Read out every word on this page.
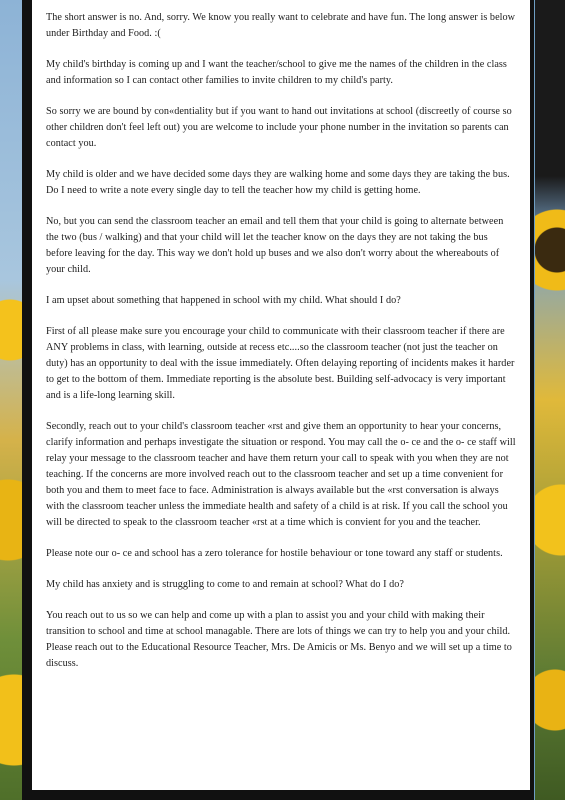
The short answer is no. And, sorry. We know you really want to celebrate and have fun. The long answer is below under Birthday and Food. :(

My child's birthday is coming up and I want the teacher/school to give me the names of the children in the class and information so I can contact other families to invite children to my child's party.

So sorry we are bound by con«dentiality but if you want to hand out invitations at school (discreetly of course so other children don't feel left out) you are welcome to include your phone number in the invitation so parents can contact you.

My child is older and we have decided some days they are walking home and some days they are taking the bus. Do I need to write a note every single day to tell the teacher how my child is getting home.

No, but you can send the classroom teacher an email and tell them that your child is going to alternate between the two (bus / walking) and that your child will let the teacher know on the days they are not taking the bus before leaving for the day. This way we don't hold up buses and we also don't worry about the whereabouts of your child.

I am upset about something that happened in school with my child. What should I do?

First of all please make sure you encourage your child to communicate with their classroom teacher if there are ANY problems in class, with learning, outside at recess etc....so the classroom teacher (not just the teacher on duty) has an opportunity to deal with the issue immediately. Often delaying reporting of incidents makes it harder to get to the bottom of them. Immediate reporting is the absolute best. Building self-advocacy is very important and is a life-long learning skill.

Secondly, reach out to your child's classroom teacher «rst and give them an opportunity to hear your concerns, clarify information and perhaps investigate the situation or respond. You may call the o- ce and the o- ce staff will relay your message to the classroom teacher and have them return your call to speak with you when they are not teaching. If the concerns are more involved reach out to the classroom teacher and set up a time convenient for both you and them to meet face to face. Administration is always available but the «rst conversation is always with the classroom teacher unless the immediate health and safety of a child is at risk. If you call the school you will be directed to speak to the classroom teacher «rst at a time which is convient for you and the teacher.

Please note our o- ce and school has a zero tolerance for hostile behaviour or tone toward any staff or students.

My child has anxiety and is struggling to come to and remain at school? What do I do?

You reach out to us so we can help and come up with a plan to assist you and your child with making their transition to school and time at school managable. There are lots of things we can try to help you and your child. Please reach out to the Educational Resource Teacher, Mrs. De Amicis or Ms. Benyo and we will set up a time to discuss.
